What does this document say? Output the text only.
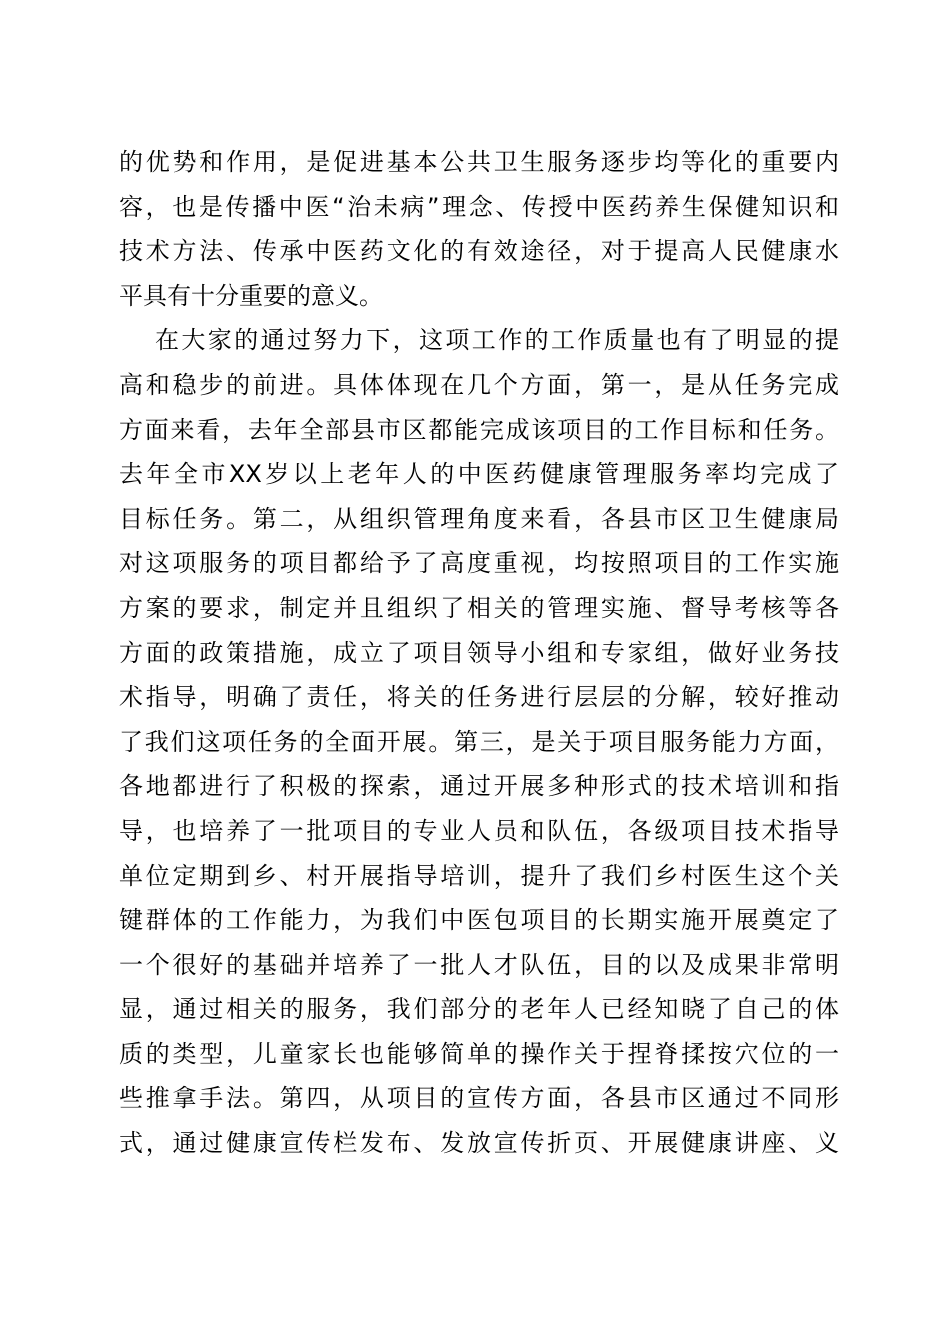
的优势和作用，是促进基本公共卫生服务逐步均等化的重要内
容，也是传播中医“治未病”理念、传授中医药养生保健知识和
技术方法、传承中医药文化的有效途径，对于提高人民健康水
平具有十分重要的意义。
在大家的通过努力下，这项工作的工作质量也有了明显的提
高和稳步的前进。具体体现在几个方面，第一，是从任务完成
方面来看，去年全部县市区都能完成该项目的工作目标和任务。
去年全市XX岁以上老年人的中医药健康管理服务率均完成了
目标任务。第二，从组织管理角度来看，各县市区卫生健康局
对这项服务的项目都给予了高度重视，均按照项目的工作实施
方案的要求，制定并且组织了相关的管理实施、督导考核等各
方面的政策措施，成立了项目领导小组和专家组，做好业务技
术指导，明确了责任，将关的任务进行层层的分解，较好推动
了我们这项任务的全面开展。第三，是关于项目服务能力方面，
各地都进行了积极的探索，通过开展多种形式的技术培训和指
导，也培养了一批项目的专业人员和队伍，各级项目技术指导
单位定期到乡、村开展指导培训，提升了我们乡村医生这个关
键群体的工作能力，为我们中医包项目的长期实施开展奠定了
一个很好的基础并培养了一批人才队伍，目的以及成果非常明
显，通过相关的服务，我们部分的老年人已经知晓了自己的体
质的类型，儿童家长也能够简单的操作关于捏脊揉按穴位的一
些推拿手法。第四，从项目的宣传方面，各县市区通过不同形
式，通过健康宣传栏发布、发放宣传折页、开展健康讲座、义
